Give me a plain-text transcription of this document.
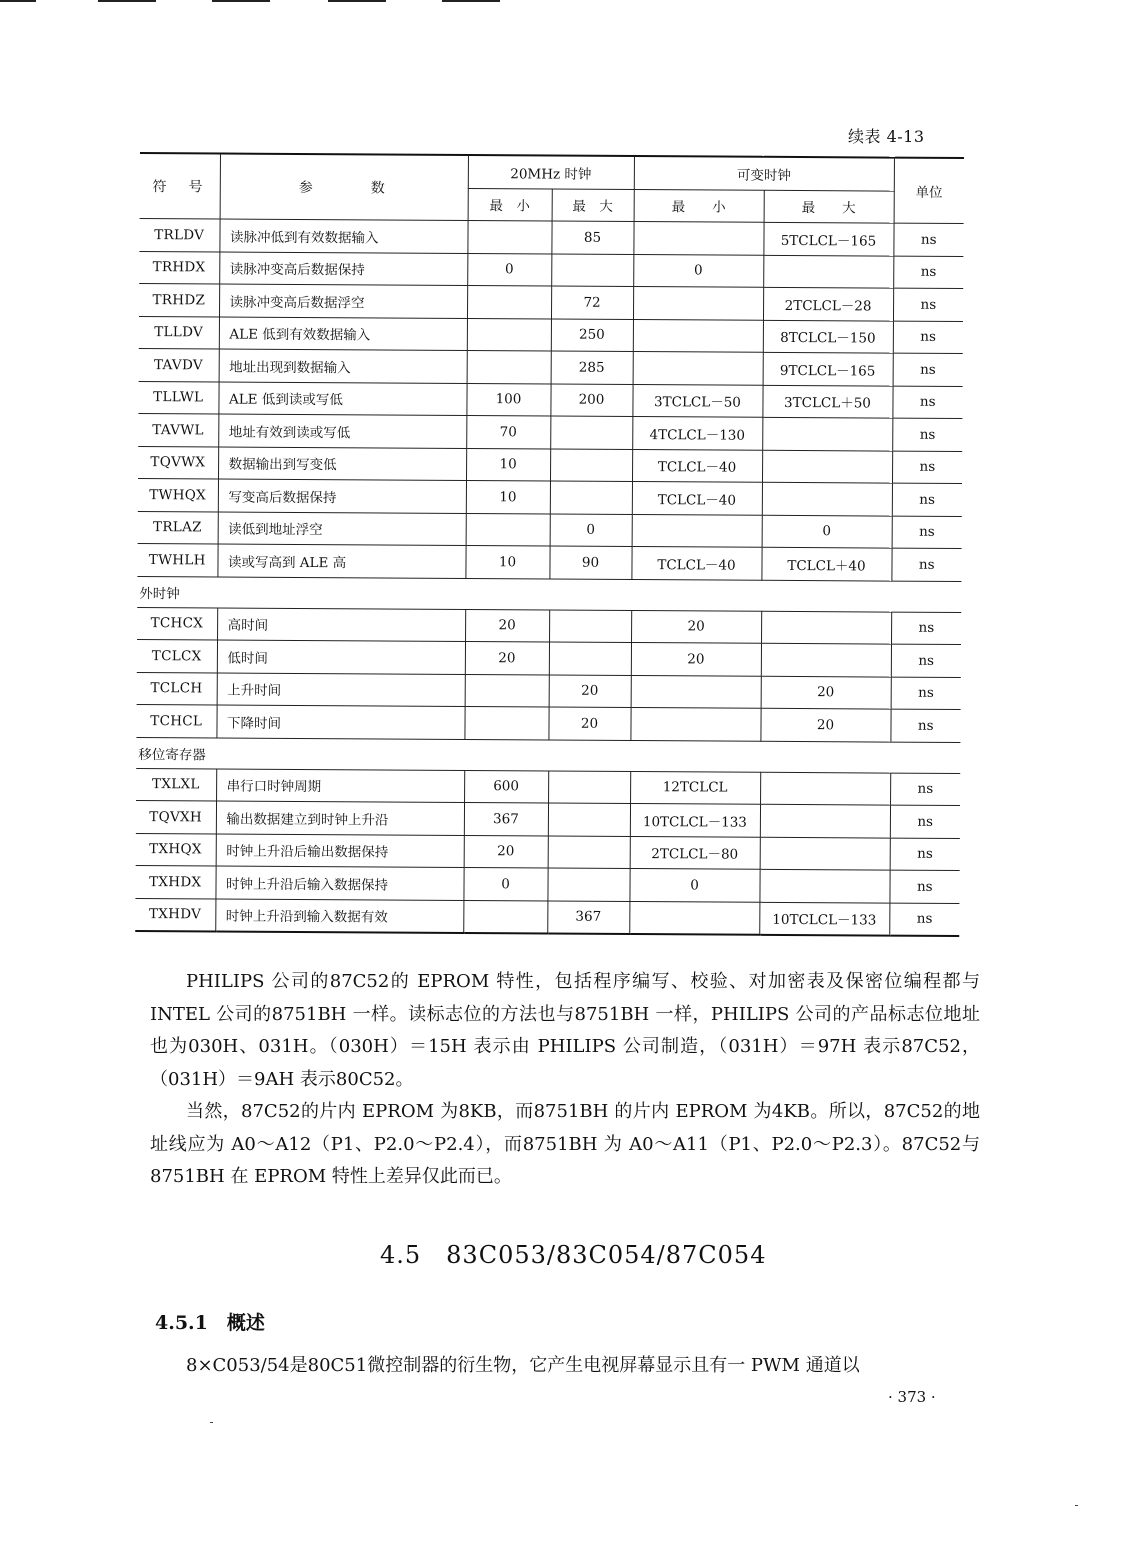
续表 4-13
符　号	参　　　数	20MHz 时钟		可变时钟		单位
		最　小	最　大	最　　小	最　　大	
TRLDV	读脉冲低到有效数据输入		85		5TCLCL－165	ns
TRHDX	读脉冲变高后数据保持	0		0		ns
TRHDZ	读脉冲变高后数据浮空		72		2TCLCL－28	ns
TLLDV	ALE 低到有效数据输入		250		8TCLCL－150	ns
TAVDV	地址出现到数据输入		285		9TCLCL－165	ns
TLLWL	ALE 低到读或写低	100	200	3TCLCL－50	3TCLCL＋50	ns
TAVWL	地址有效到读或写低	70		4TCLCL－130		ns
TQVWX	数据输出到写变低	10		TCLCL－40		ns
TWHQX	写变高后数据保持	10		TCLCL－40		ns
TRLAZ	读低到地址浮空		0		0	ns
TWHLH	读或写高到 ALE 高	10	90	TCLCL－40	TCLCL＋40	ns
外时钟						
TCHCX	高时间	20		20		ns
TCLCX	低时间	20		20		ns
TCLCH	上升时间		20		20	ns
TCHCL	下降时间		20		20	ns
移位寄存器						
TXLXL	串行口时钟周期	600		12TCLCL		ns
TQVXH	输出数据建立到时钟上升沿	367		10TCLCL－133		ns
TXHQX	时钟上升沿后输出数据保持	20		2TCLCL－80		ns
TXHDX	时钟上升沿后输入数据保持	0		0		ns
TXHDV	时钟上升沿到输入数据有效		367		10TCLCL－133	ns

PHILIPS 公司的87C52的 EPROM 特性，包括程序编写、校验、对加密表及保密位编程都与 INTEL 公司的8751BH 一样。读标志位的方法也与8751BH 一样，PHILIPS 公司的产品标志位地址也为030H、031H。（030H）＝15H 表示由 PHILIPS 公司制造，（031H）＝97H 表示87C52，（031H）＝9AH 表示80C52。

当然，87C52的片内 EPROM 为8KB，而8751BH 的片内 EPROM 为4KB。所以，87C52的地址线应为 A0～A12（P1、P2.0～P2.4），而8751BH 为 A0～A11（P1、P2.0～P2.3）。87C52与8751BH 在 EPROM 特性上差异仅此而已。

4.5　83C053/83C054/87C054
4.5.1　概述

8×C053/54是80C51微控制器的衍生物，它产生电视屏幕显示且有一 PWM 通道以

· 373 ·
